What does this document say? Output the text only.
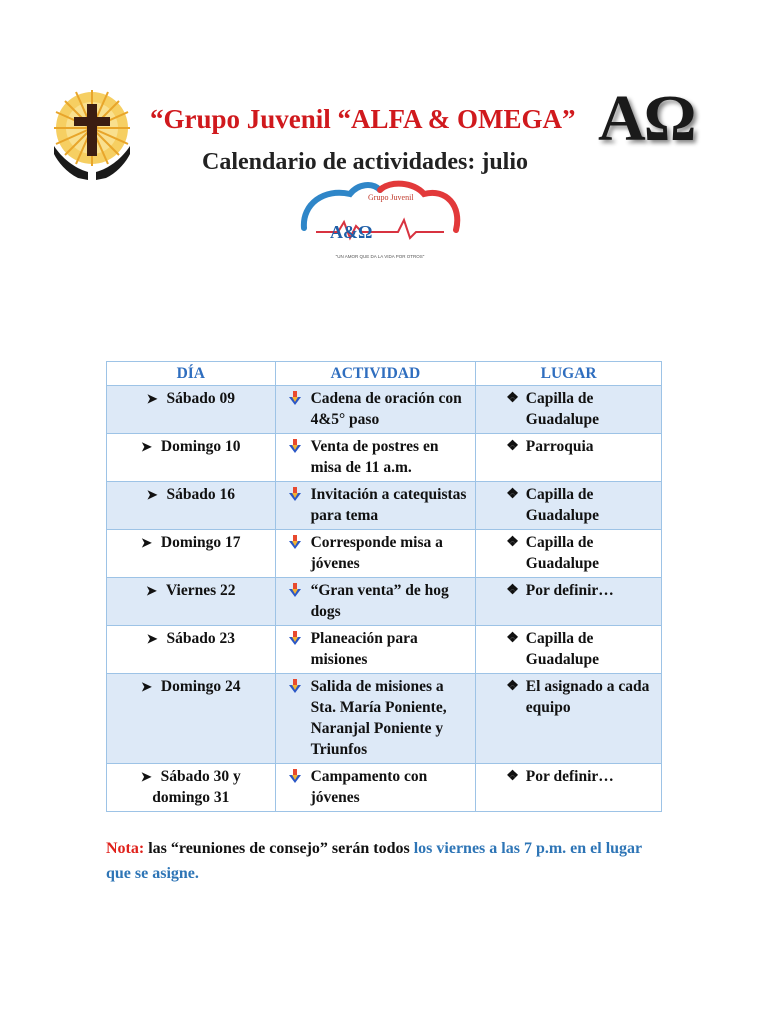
“Grupo Juvenil “ALFA & OMEGA”
Calendario de actividades: julio
AΩ
Grupo Juvenil
A&Ω
"UN AMOR QUE DA LA VIDA POR OTROS"
DÍA	ACTIVIDAD	LUGAR
➤ Sábado 09	Cadena de oración con 4&5° paso	❖ Capilla de Guadalupe

➤ Domingo 10	Venta de postres en misa de 11 a.m.	❖ Parroquia

➤ Sábado 16	Invitación a catequistas para tema	❖ Capilla de Guadalupe

➤ Domingo 17	Corresponde misa a jóvenes	❖ Capilla de Guadalupe

➤ Viernes 22	“Gran venta” de hog dogs	❖ Por definir…

➤ Sábado 23	Planeación para misiones	❖ Capilla de Guadalupe

➤ Domingo 24	Salida de misiones a Sta. María Poniente, Naranjal Poniente y Triunfos	❖ El asignado a cada equipo

➤ Sábado 30 y domingo 31	Campamento con jóvenes	❖ Por definir…
Nota: las “reuniones de consejo” serán todos los viernes a las 7 p.m. en el lugar que se asigne.
